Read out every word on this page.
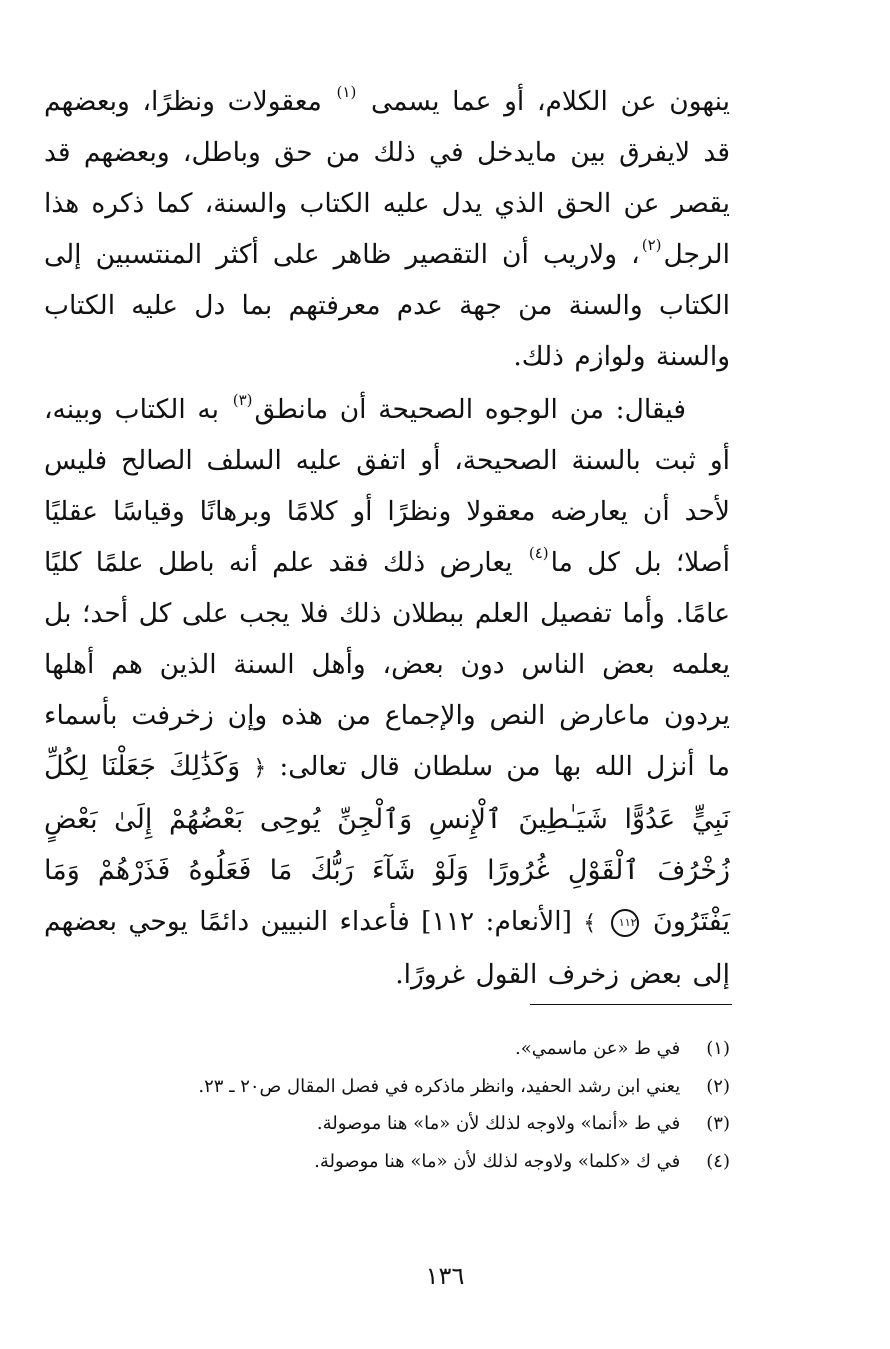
ينهون عن الكلام، أو عما يسمى $^{(١)}$ معقولات ونظرًا، وبعضهم قد لايفرق بين مايدخل في ذلك من حق وباطل، وبعضهم قد يقصر عن الحق الذي يدل عليه الكتاب والسنة، كما ذكره هذا الرجل$^{(٢)}$، ولاريب أن التقصير ظاهر على أكثر المنتسبين إلى الكتاب والسنة من جهة عدم معرفتهم بما دل عليه الكتاب والسنة ولوازم ذلك.

فيقال: من الوجوه الصحيحة أن مانطق$^{(٣)}$ به الكتاب وبينه، أو ثبت بالسنة الصحيحة، أو اتفق عليه السلف الصالح فليس لأحد أن يعارضه معقولا ونظرًا أو كلامًا وبرهانًا وقياسًا عقليًا أصلا؛ بل كل ما$^{(٤)}$ يعارض ذلك فقد علم أنه باطل علمًا كليًا عامًا. وأما تفصيل العلم ببطلان ذلك فلا يجب على كل أحد؛ بل يعلمه بعض الناس دون بعض، وأهل السنة الذين هم أهلها يردون ماعارض النص والإجماع من هذه وإن زخرفت بأسماء ما أنزل الله بها من سلطان قال تعالى: ﴿ وَكَذَٰلِكَ جَعَلْنَا لِكُلِّ نَبِيٍّ عَدُوًّا شَيَـٰطِينَ ٱلْإِنسِ وَٱلْجِنِّ يُوحِى بَعْضُهُمْ إِلَىٰ بَعْضٍ زُخْرُفَ ٱلْقَوْلِ غُرُورًا وَلَوْ شَآءَ رَبُّكَ مَا فَعَلُوهُ فَذَرْهُمْ وَمَا يَفْتَرُونَ ١١٢ ﴾ [الأنعام: ١١٢] فأعداء النبيين دائمًا يوحي بعضهم إلى بعض زخرف القول غرورًا.

(١) في ط «عن ماسمي».
(٢) يعني ابن رشد الحفيد، وانظر ماذكره في فصل المقال ص٢٠ ـ ٢٣.
(٣) في ط «أنما» ولاوجه لذلك لأن «ما» هنا موصولة.
(٤) في ك «كلما» ولاوجه لذلك لأن «ما» هنا موصولة.
١٣٦
